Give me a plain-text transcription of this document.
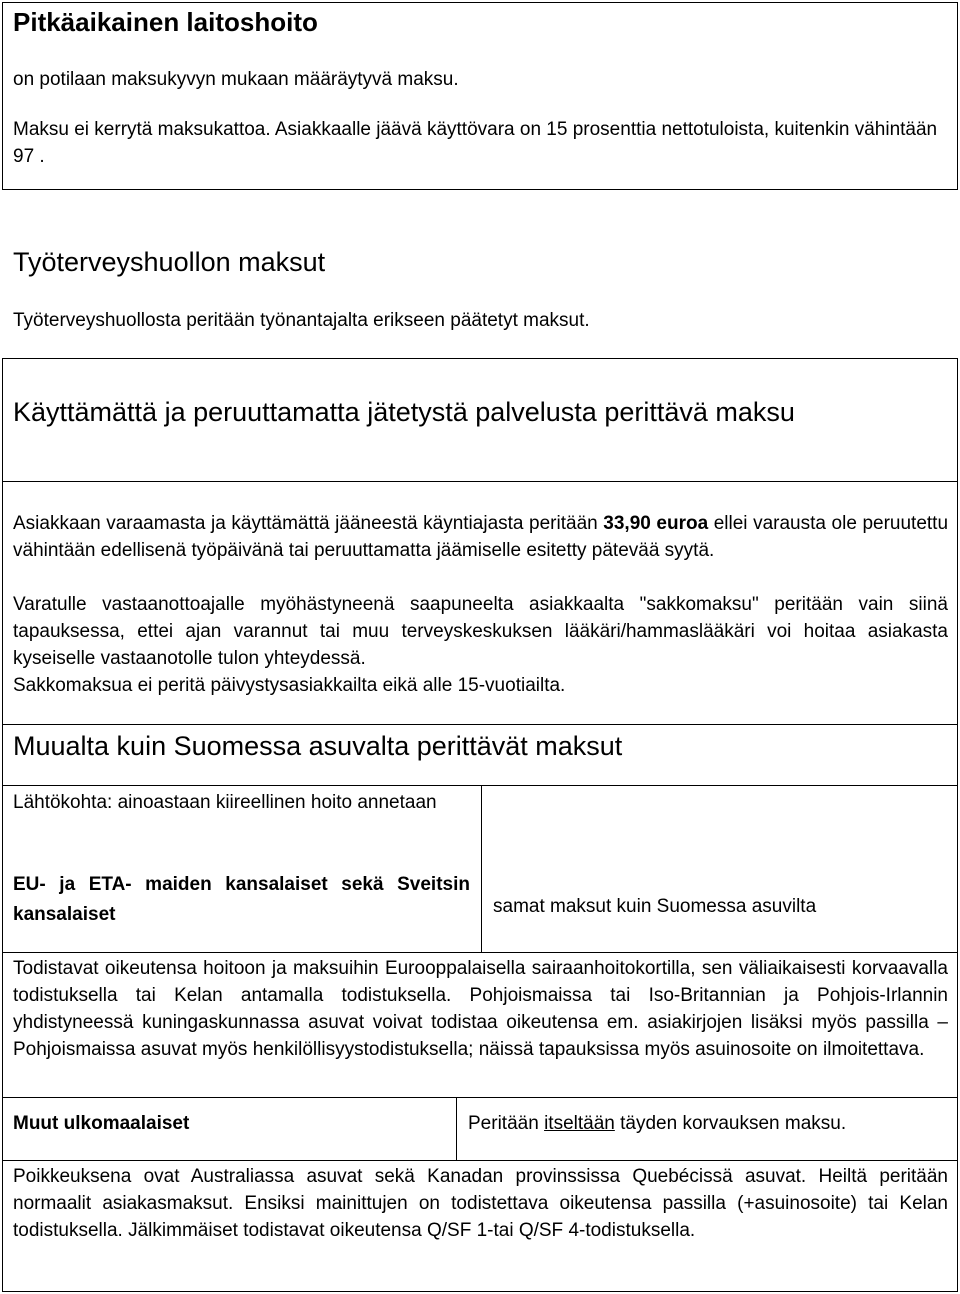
Pitkäaikainen laitoshoito

on potilaan maksukyvyn mukaan määräytyvä maksu.

Maksu ei kerrytä maksukattoa. Asiakkaalle jäävä käyttövara on 15 prosenttia nettotuloista, kuitenkin vähintään 97 .

Työterveyshuollon maksut

Työterveyshuollosta peritään työnantajalta erikseen päätetyt maksut.

Käyttämättä ja peruuttamatta jätetystä palvelusta perittävä maksu

Asiakkaan varaamasta ja käyttämättä jääneestä käyntiajasta peritään 33,90 euroa ellei varausta ole peruutettu vähintään edellisenä työpäivänä tai peruuttamatta jäämiselle esitetty pätevää syytä.

Varatulle vastaanottoajalle myöhästyneenä saapuneelta asiakkaalta "sakkomaksu" peritään vain siinä tapauksessa, ettei ajan varannut tai muu terveyskeskuksen lääkäri/hammaslääkäri voi hoitaa asiakasta kyseiselle vastaanotolle tulon yhteydessä.

Sakkomaksua ei peritä päivystysasiakkailta eikä alle 15-vuotiailta.

Muualta kuin Suomessa asuvalta perittävät maksut

Lähtökohta: ainoastaan kiireellinen hoito annetaan

EU- ja ETA- maiden kansalaiset sekä Sveitsin kansalaiset	samat maksut kuin Suomessa asuvilta

Todistavat oikeutensa hoitoon ja maksuihin Eurooppalaisella sairaanhoitokortilla, sen väliaikaisesti korvaavalla todistuksella tai Kelan antamalla todistuksella. Pohjoismaissa tai Iso-Britannian ja Pohjois-Irlannin yhdistyneessä kuningaskunnassa asuvat voivat todistaa oikeutensa em. asiakirjojen lisäksi myös passilla – Pohjoismaissa asuvat myös henkilöllisyystodistuksella; näissä tapauksissa myös asuinosoite on ilmoitettava.

Muut ulkomaalaiset	Peritään itseltään täyden korvauksen maksu.

Poikkeuksena ovat Australiassa asuvat sekä Kanadan provinssissa Quebécissä asuvat. Heiltä peritään normaalit asiakasmaksut. Ensiksi mainittujen on todistettava oikeutensa passilla (+asuinosoite) tai Kelan todistuksella. Jälkimmäiset todistavat oikeutensa Q/SF 1-tai Q/SF 4-todistuksella.
